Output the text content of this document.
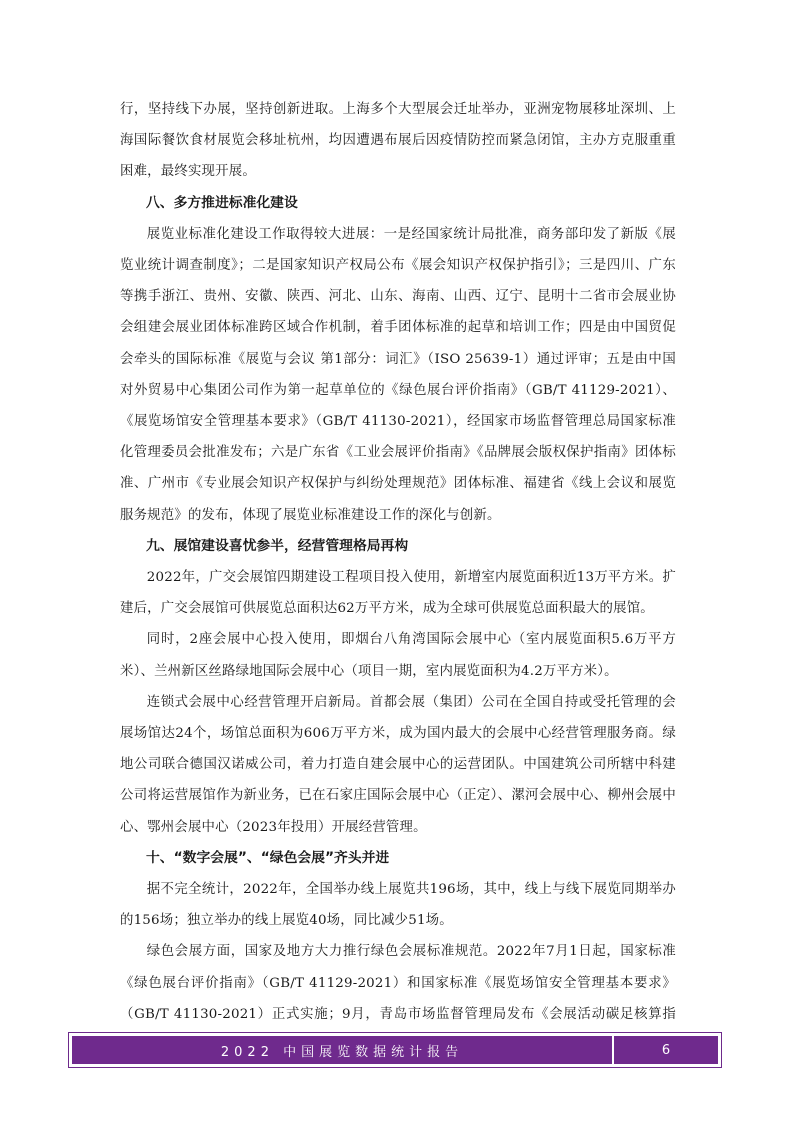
行，坚持线下办展，坚持创新进取。上海多个大型展会迁址举办，亚洲宠物展移址深圳、上海国际餐饮食材展览会移址杭州，均因遭遇布展后因疫情防控而紧急闭馆，主办方克服重重困难，最终实现开展。

八、多方推进标准化建设

展览业标准化建设工作取得较大进展：一是经国家统计局批准，商务部印发了新版《展览业统计调查制度》；二是国家知识产权局公布《展会知识产权保护指引》；三是四川、广东等携手浙江、贵州、安徽、陕西、河北、山东、海南、山西、辽宁、昆明十二省市会展业协会组建会展业团体标准跨区域合作机制，着手团体标准的起草和培训工作；四是由中国贸促会牵头的国际标准《展览与会议 第1部分：词汇》（ISO 25639-1）通过评审；五是由中国对外贸易中心集团公司作为第一起草单位的《绿色展台评价指南》（GB/T 41129-2021）、《展览场馆安全管理基本要求》（GB/T 41130-2021），经国家市场监督管理总局国家标准化管理委员会批准发布；六是广东省《工业会展评价指南》《品牌展会版权保护指南》团体标准、广州市《专业展会知识产权保护与纠纷处理规范》团体标准、福建省《线上会议和展览服务规范》的发布，体现了展览业标准建设工作的深化与创新。

九、展馆建设喜忧参半，经营管理格局再构

2022年，广交会展馆四期建设工程项目投入使用，新增室内展览面积近13万平方米。扩建后，广交会展馆可供展览总面积达62万平方米，成为全球可供展览总面积最大的展馆。

同时，2座会展中心投入使用，即烟台八角湾国际会展中心（室内展览面积5.6万平方米）、兰州新区丝路绿地国际会展中心（项目一期，室内展览面积为4.2万平方米）。

连锁式会展中心经营管理开启新局。首都会展（集团）公司在全国自持或受托管理的会展场馆达24个，场馆总面积为606万平方米，成为国内最大的会展中心经营管理服务商。绿地公司联合德国汉诺威公司，着力打造自建会展中心的运营团队。中国建筑公司所辖中科建公司将运营展馆作为新业务，已在石家庄国际会展中心（正定）、漯河会展中心、柳州会展中心、鄂州会展中心（2023年投用）开展经营管理。

十、“数字会展”、“绿色会展”齐头并进

据不完全统计，2022年，全国举办线上展览共196场，其中，线上与线下展览同期举办的156场；独立举办的线上展览40场，同比减少51场。

绿色会展方面，国家及地方大力推行绿色会展标准规范。2022年7月1日起，国家标准《绿色展台评价指南》（GB/T 41129-2021）和国家标准《展览场馆安全管理基本要求》（GB/T 41130-2021）正式实施；9月，青岛市场监督管理局发布《会展活动碳足核算指

2022 中国展览数据统计报告	6
